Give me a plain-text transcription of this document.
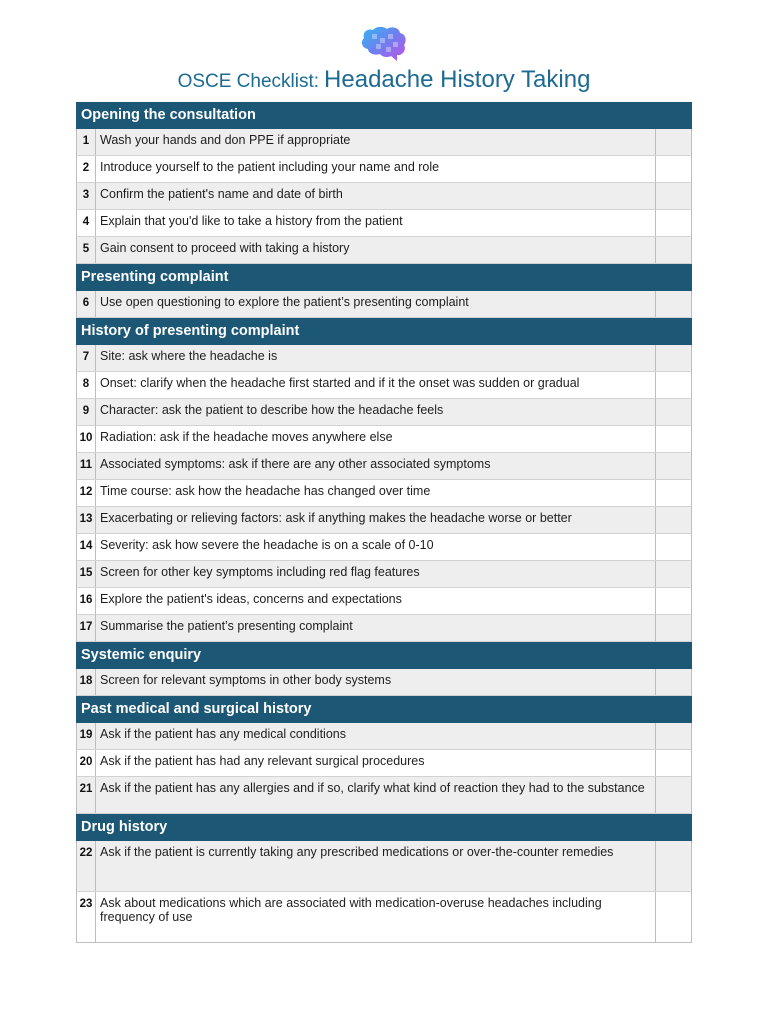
OSCE Checklist: Headache History Taking
Opening the consultation
1 Wash your hands and don PPE if appropriate
2 Introduce yourself to the patient including your name and role
3 Confirm the patient's name and date of birth
4 Explain that you'd like to take a history from the patient
5 Gain consent to proceed with taking a history
Presenting complaint
6 Use open questioning to explore the patient’s presenting complaint
History of presenting complaint
7 Site: ask where the headache is
8 Onset: clarify when the headache first started and if it the onset was sudden or gradual
9 Character: ask the patient to describe how the headache feels
10 Radiation: ask if the headache moves anywhere else
11 Associated symptoms: ask if there are any other associated symptoms
12 Time course: ask how the headache has changed over time
13 Exacerbating or relieving factors: ask if anything makes the headache worse or better
14 Severity: ask how severe the headache is on a scale of 0-10
15 Screen for other key symptoms including red flag features
16 Explore the patient's ideas, concerns and expectations
17 Summarise the patient’s presenting complaint
Systemic enquiry
18 Screen for relevant symptoms in other body systems
Past medical and surgical history
19 Ask if the patient has any medical conditions
20 Ask if the patient has had any relevant surgical procedures
21 Ask if the patient has any allergies and if so, clarify what kind of reaction they had to the substance
Drug history
22 Ask if the patient is currently taking any prescribed medications or over-the-counter remedies
23 Ask about medications which are associated with medication-overuse headaches including frequency of use
